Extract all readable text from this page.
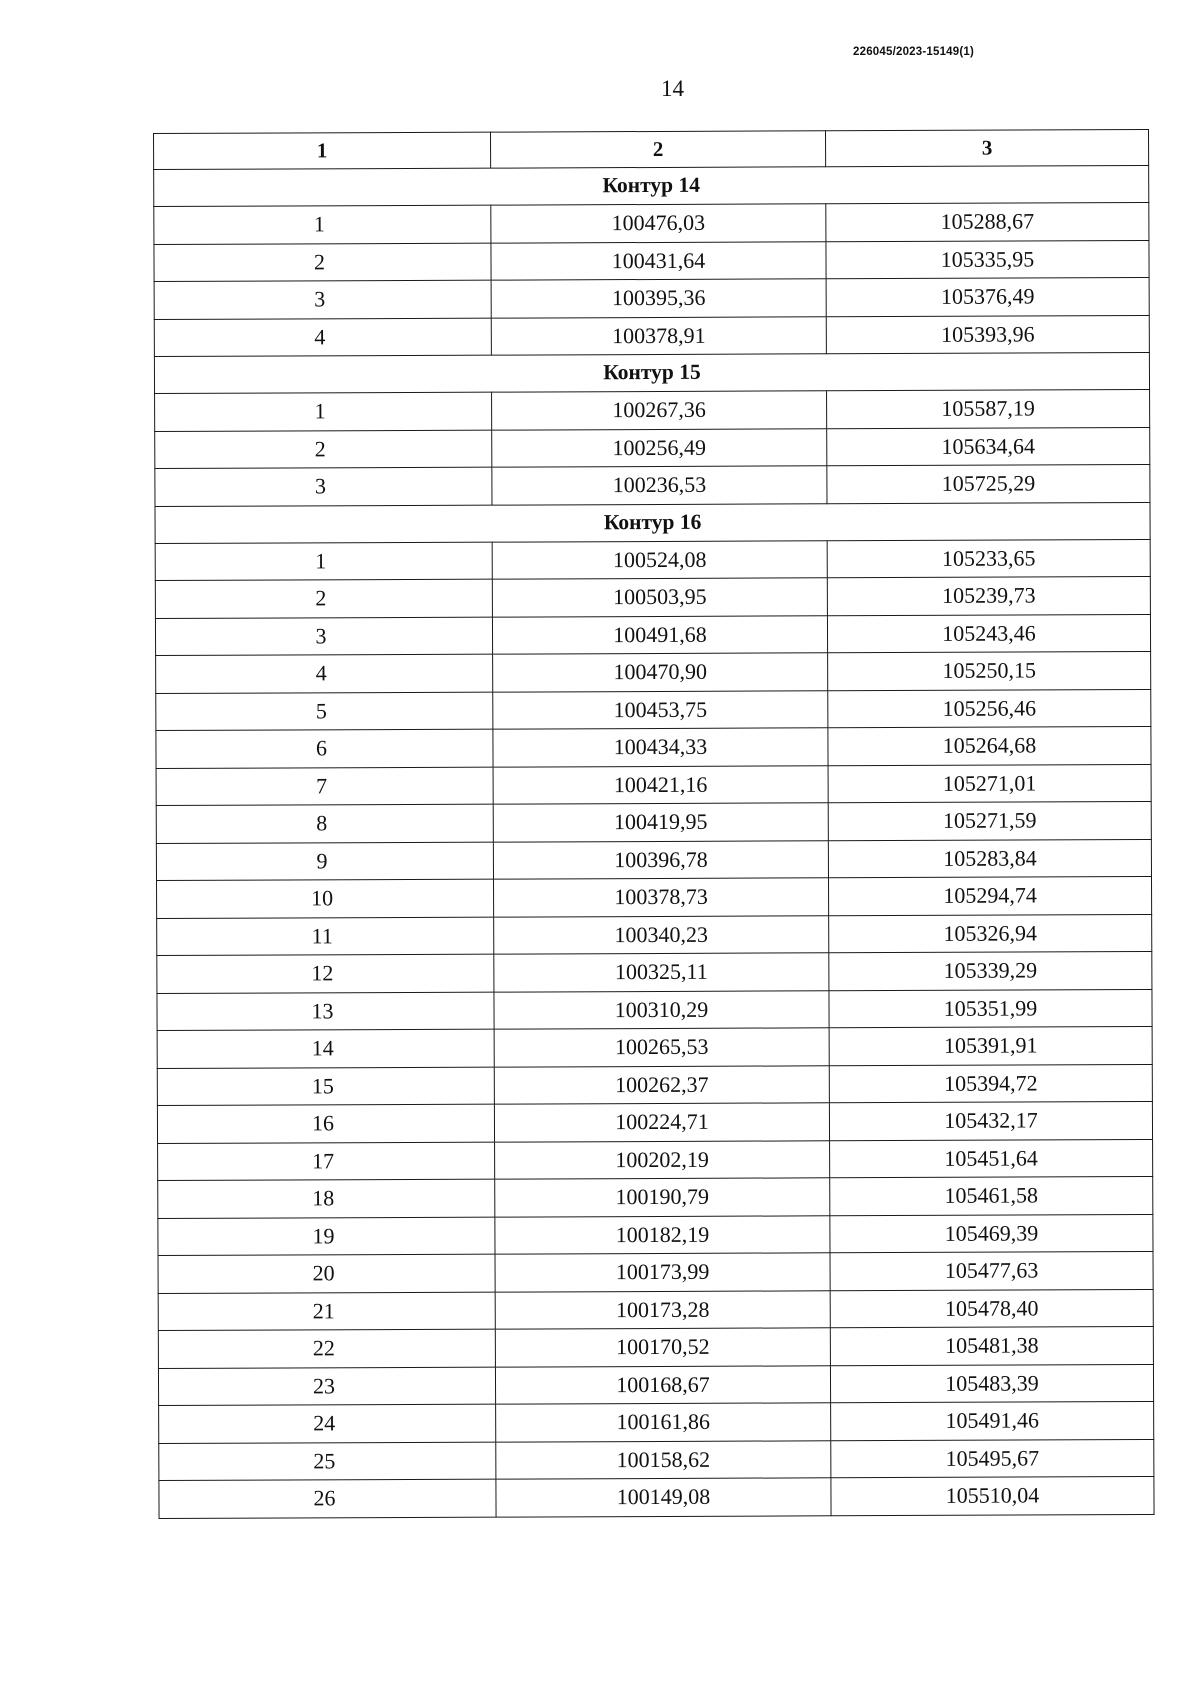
226045/2023-15149(1)
14
1	2	3
Контур 14		
1	100476,03	105288,67
2	100431,64	105335,95
3	100395,36	105376,49
4	100378,91	105393,96
Контур 15		
1	100267,36	105587,19
2	100256,49	105634,64
3	100236,53	105725,29
Контур 16		
1	100524,08	105233,65
2	100503,95	105239,73
3	100491,68	105243,46
4	100470,90	105250,15
5	100453,75	105256,46
6	100434,33	105264,68
7	100421,16	105271,01
8	100419,95	105271,59
9	100396,78	105283,84
10	100378,73	105294,74
11	100340,23	105326,94
12	100325,11	105339,29
13	100310,29	105351,99
14	100265,53	105391,91
15	100262,37	105394,72
16	100224,71	105432,17
17	100202,19	105451,64
18	100190,79	105461,58
19	100182,19	105469,39
20	100173,99	105477,63
21	100173,28	105478,40
22	100170,52	105481,38
23	100168,67	105483,39
24	100161,86	105491,46
25	100158,62	105495,67
26	100149,08	105510,04
